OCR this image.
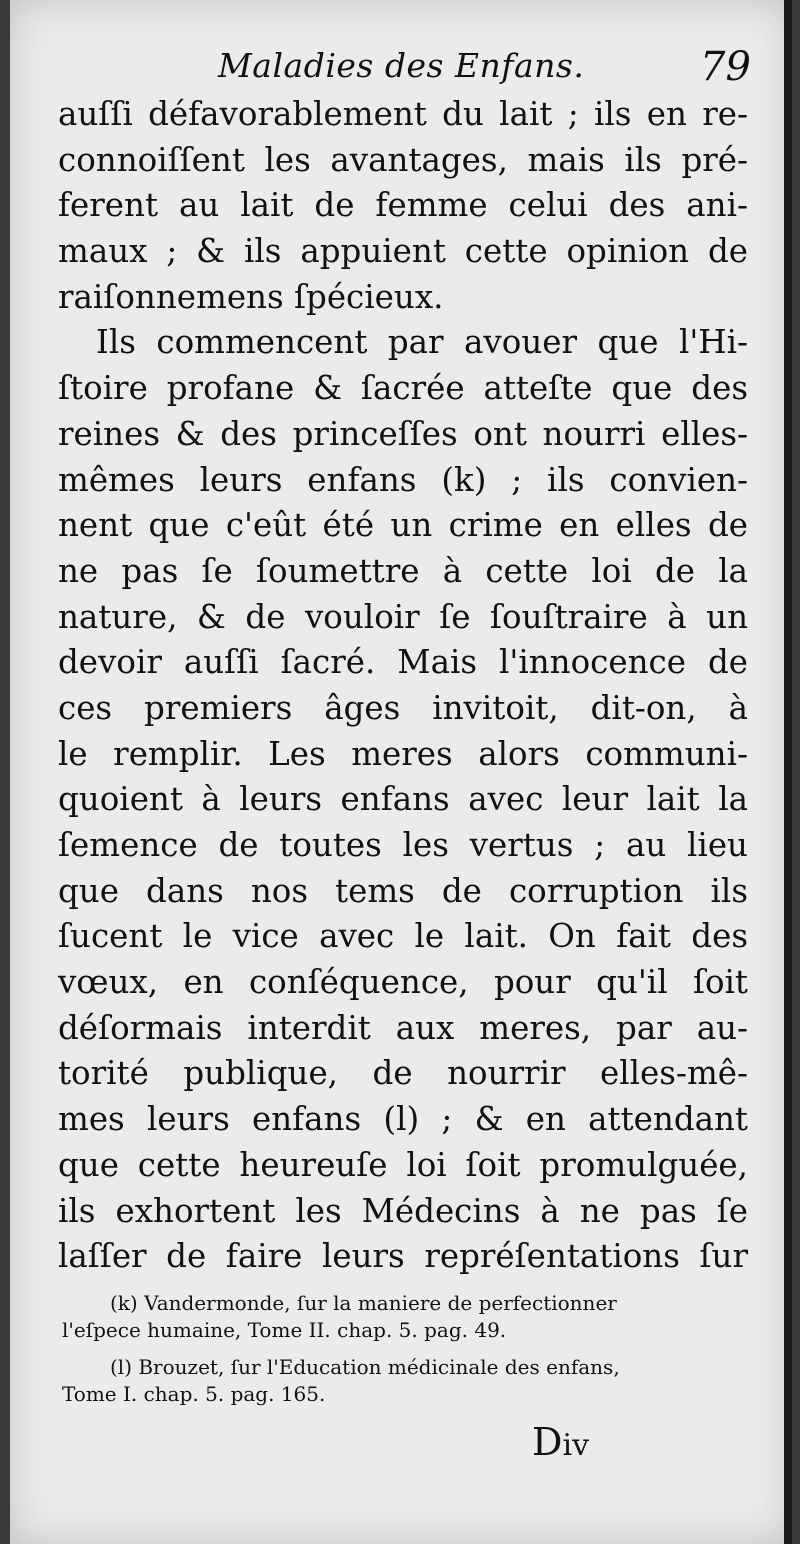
Maladies des Enfans.	79
auſſi défavorablement du lait ; ils en re-
connoiſſent les avantages, mais ils pré-
ferent au lait de femme celui des ani-
maux ; & ils appuient cette opinion de
raiſonnemens ſpécieux.
Ils commencent par avouer que l'Hi-
ſtoire profane & ſacrée atteſte que des
reines & des princeſſes ont nourri elles-
mêmes leurs enfans (k) ; ils convien-
nent que c'eût été un crime en elles de
ne pas ſe ſoumettre à cette loi de la
nature, & de vouloir ſe ſouſtraire à un
devoir auſſi ſacré. Mais l'innocence de
ces premiers âges invitoit, dit-on, à
le remplir. Les meres alors communi-
quoient à leurs enfans avec leur lait la
ſemence de toutes les vertus ; au lieu
que dans nos tems de corruption ils
ſucent le vice avec le lait. On fait des
vœux, en conſéquence, pour qu'il ſoit
déſormais interdit aux meres, par au-
torité publique, de nourrir elles-mê-
mes leurs enfans (l) ; & en attendant
que cette heureuſe loi ſoit promulguée,
ils exhortent les Médecins à ne pas ſe
laſſer de faire leurs repréſentations ſur
(k) Vandermonde, ſur la maniere de perfectionner
l'eſpece humaine, Tome II. chap. 5. pag. 49.
(l) Brouzet, ſur l'Education médicinale des enfans,
Tome I. chap. 5. pag. 165.
Div
